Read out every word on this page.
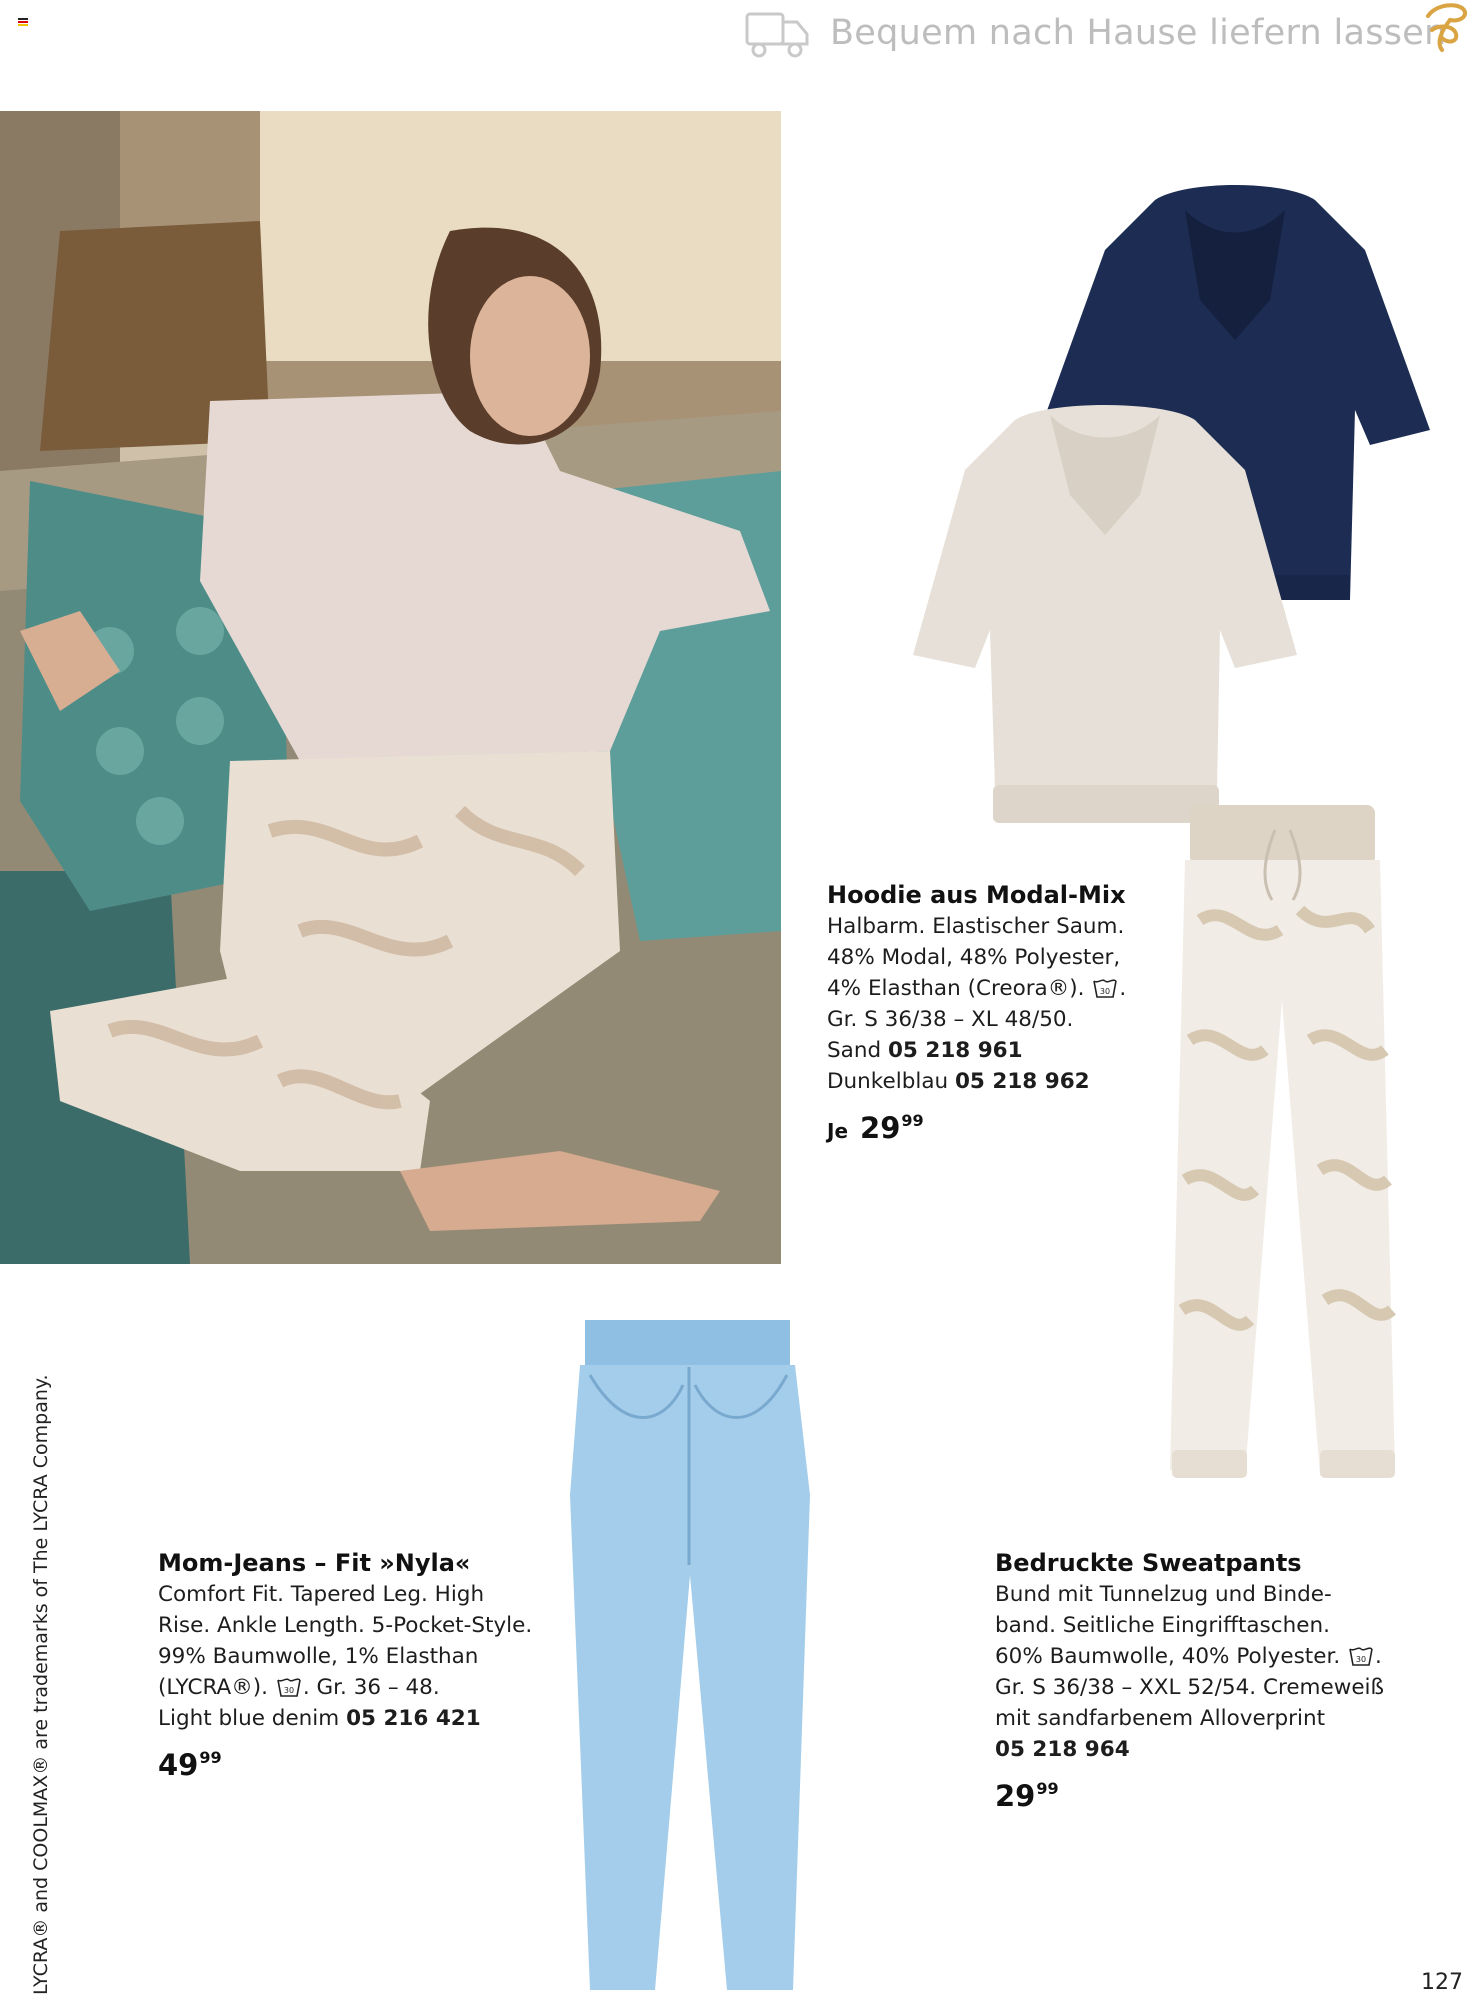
Bequem nach Hause liefern lassen
Hoodie aus Modal-Mix
Halbarm. Elastischer Saum.
48% Modal, 48% Polyester,
4% Elasthan (Creora®). 30 .
Gr. S 36/38 – XL 48/50.
Sand 05 218 961
Dunkelblau 05 218 962
Je $29^{99}$
Mom-Jeans – Fit »Nyla«
Comfort Fit. Tapered Leg. High
Rise. Ankle Length. 5-Pocket-Style.
99% Baumwolle, 1% Elasthan
(LYCRA®). 30 . Gr. 36 – 48.
Light blue denim 05 216 421
$49^{99}$
Bedruckte Sweatpants
Bund mit Tunnelzug und Binde-
band. Seitliche Eingrifftaschen.
60% Baumwolle, 40% Polyester. 30 .
Gr. S 36/38 – XXL 52/54. Cremeweiß
mit sandfarbenem Alloverprint
05 218 964
$29^{99}$
LYCRA® and COOLMAX® are trademarks of The LYCRA Company.	127
